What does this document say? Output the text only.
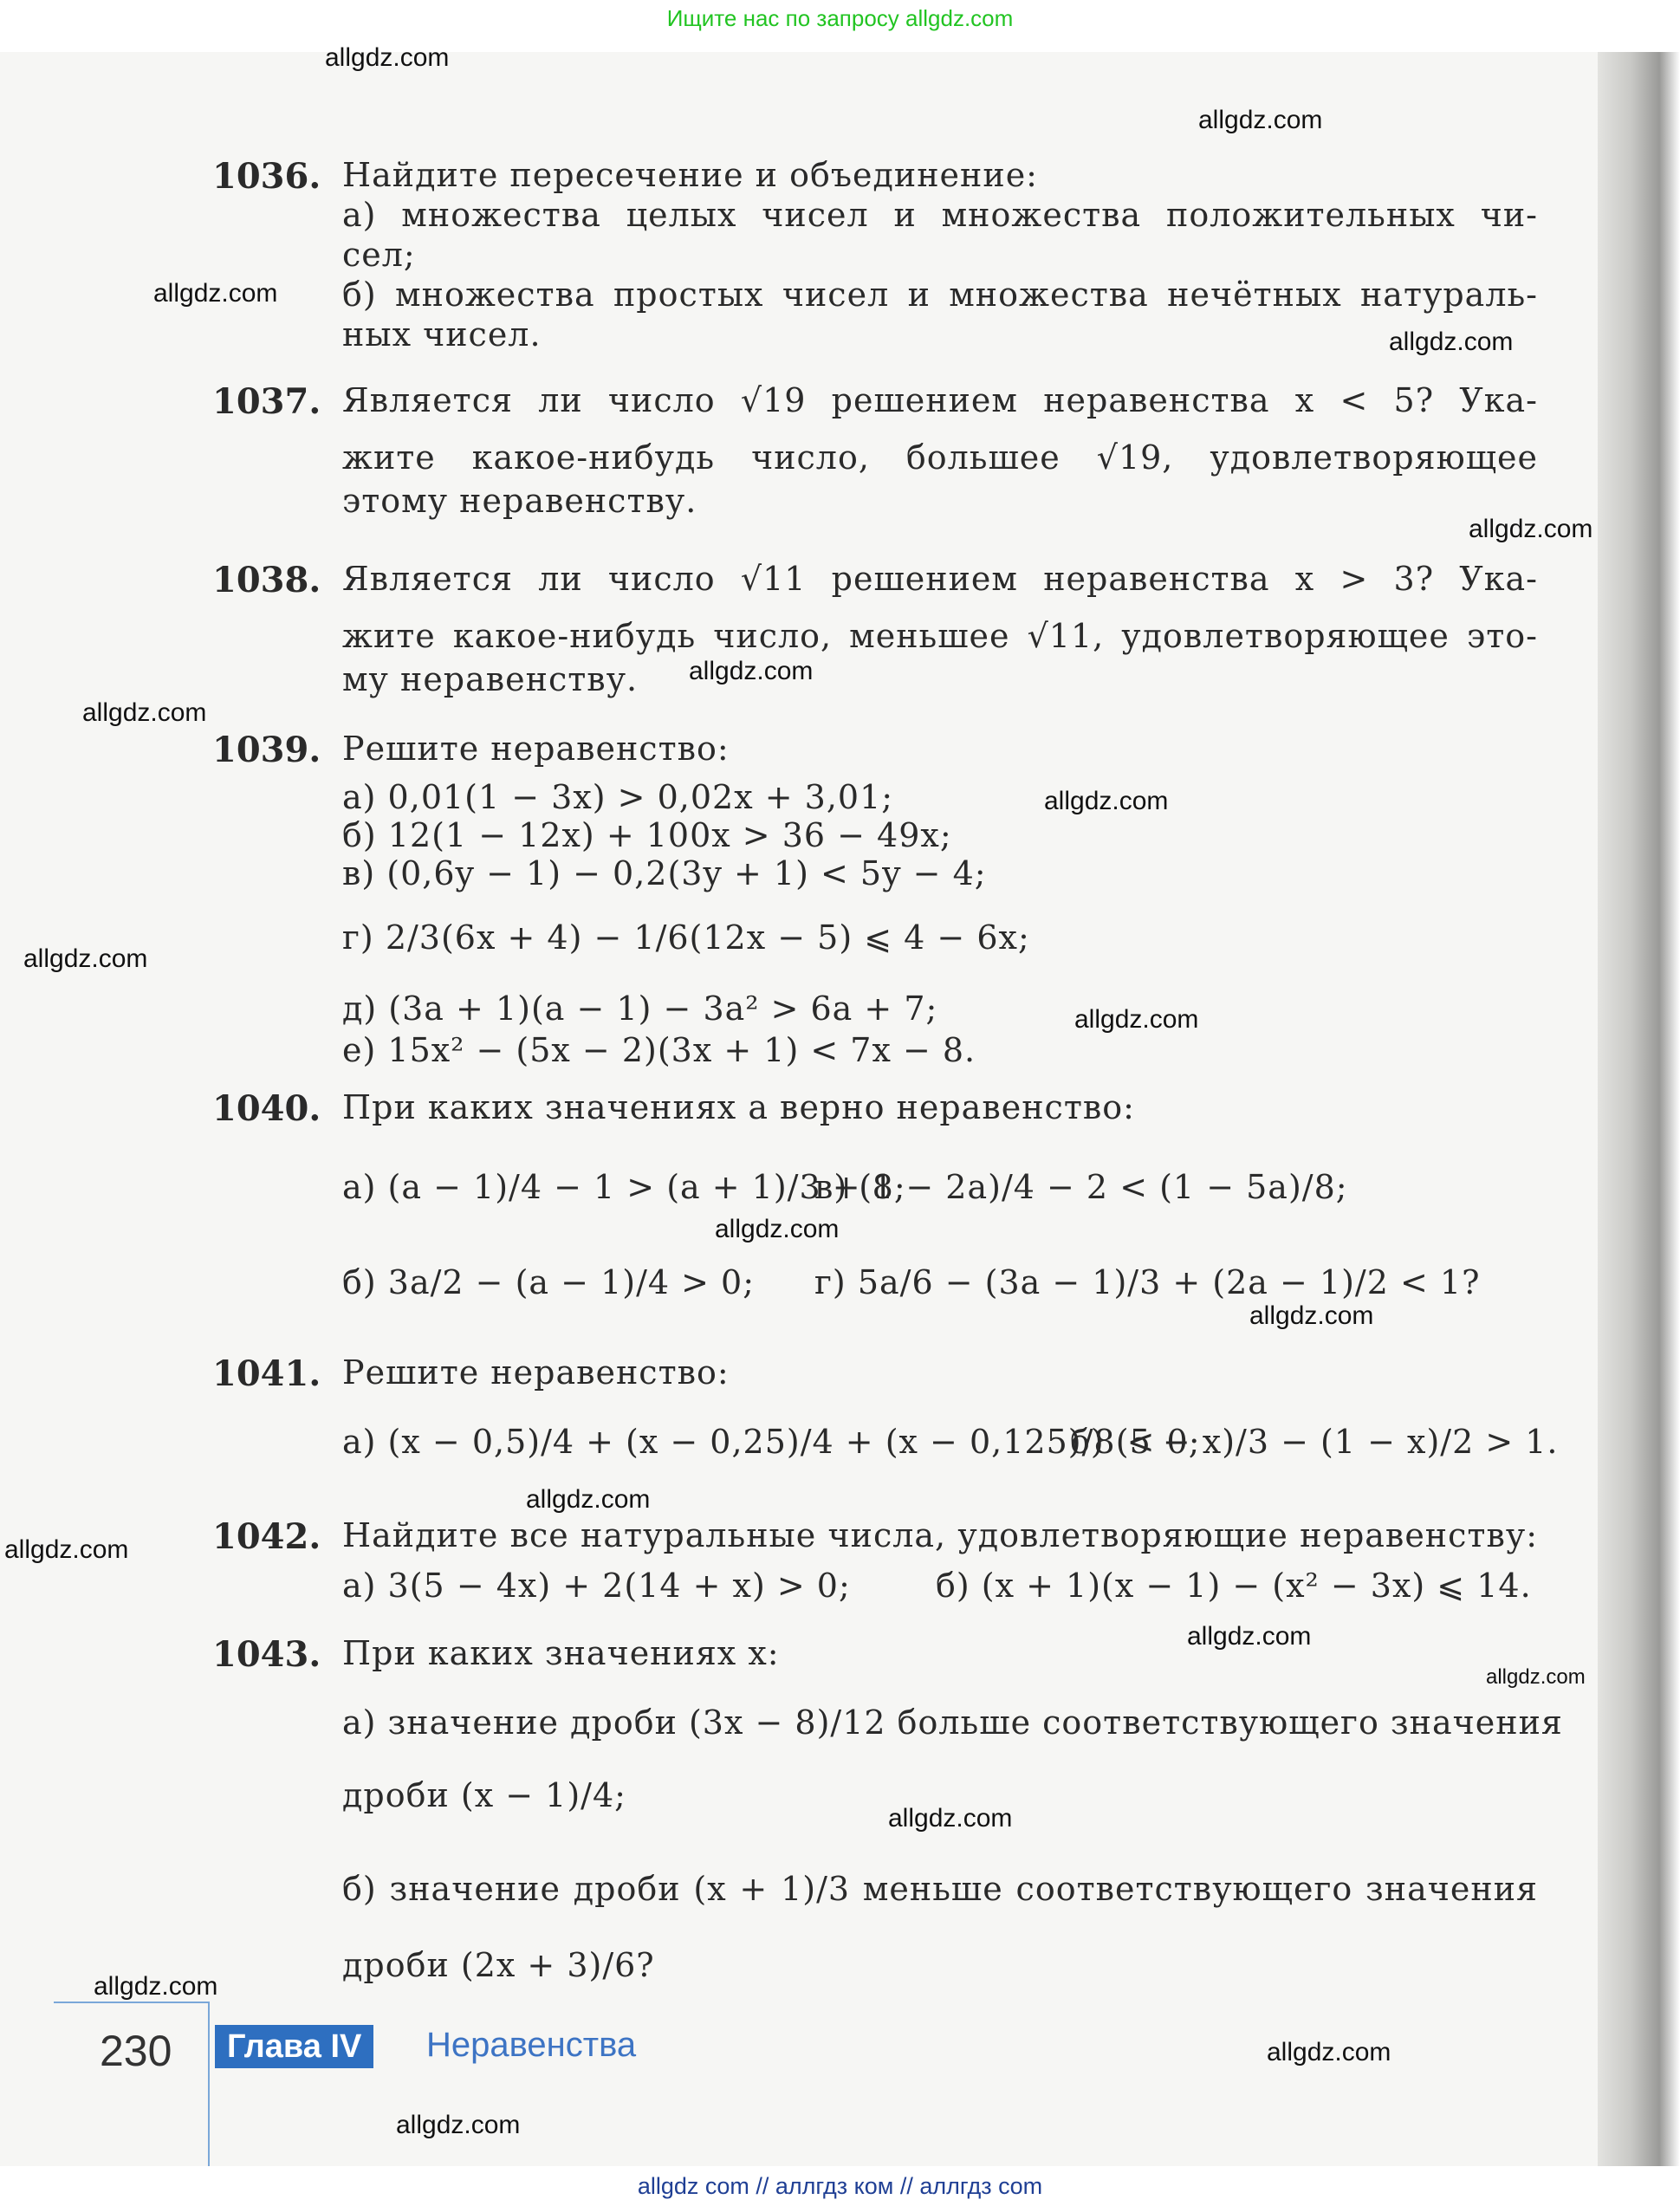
Ищите нас по запросу allgdz.com
1036. Найдите пересечение и объединение:
а) множества целых чисел и множества положительных чи-
сел;
б) множества простых чисел и множества нечётных натураль-
ных чисел.
1037. Является ли число √19 решением неравенства x < 5? Ука-
жите какое-нибудь число, большее √19, удовлетворяющее
этому неравенству.
1038. Является ли число √11 решением неравенства x > 3? Ука-
жите какое-нибудь число, меньшее √11, удовлетворяющее это-
му неравенству.
1039. Решите неравенство:
а) 0,01(1 − 3x) > 0,02x + 3,01;
б) 12(1 − 12x) + 100x > 36 − 49x;
в) (0,6y − 1) − 0,2(3y + 1) < 5y − 4;
г) 2/3(6x + 4) − 1/6(12x − 5) ⩽ 4 − 6x;
д) (3a + 1)(a − 1) − 3a² > 6a + 7;
е) 15x² − (5x − 2)(3x + 1) < 7x − 8.
1040. При каких значениях a верно неравенство:
а) (a − 1)/4 − 1 > (a + 1)/3 + 8;
в) (1 − 2a)/4 − 2 < (1 − 5a)/8;
б) 3a/2 − (a − 1)/4 > 0;	г) 5a/6 − (3a − 1)/3 + (2a − 1)/2 < 1?
1041. Решите неравенство:
а) (x − 0,5)/4 + (x − 0,25)/4 + (x − 0,125)/8 < 0;
б) (5 − x)/3 − (1 − x)/2 > 1.
1042. Найдите все натуральные числа, удовлетворяющие неравенству:
а) 3(5 − 4x) + 2(14 + x) > 0;	б) (x + 1)(x − 1) − (x² − 3x) ⩽ 14.
1043. При каких значениях x:
а) значение дроби (3x − 8)/12 больше соответствующего значения
дроби (x − 1)/4;
б) значение дроби (x + 1)/3 меньше соответствующего значения
дроби (2x + 3)/6?
230	Глава IV	Неравенства
allgdz.com
allgdz.com
allgdz.com
allgdz.com
allgdz.com
allgdz.com
allgdz.com
allgdz.com
allgdz.com
allgdz.com
allgdz.com
allgdz.com
allgdz.com
allgdz.com
allgdz.com
allgdz.com
allgdz.com
allgdz.com
allgdz.com
allgdz.com
allgdz com // аллгдз ком // аллгдз com
